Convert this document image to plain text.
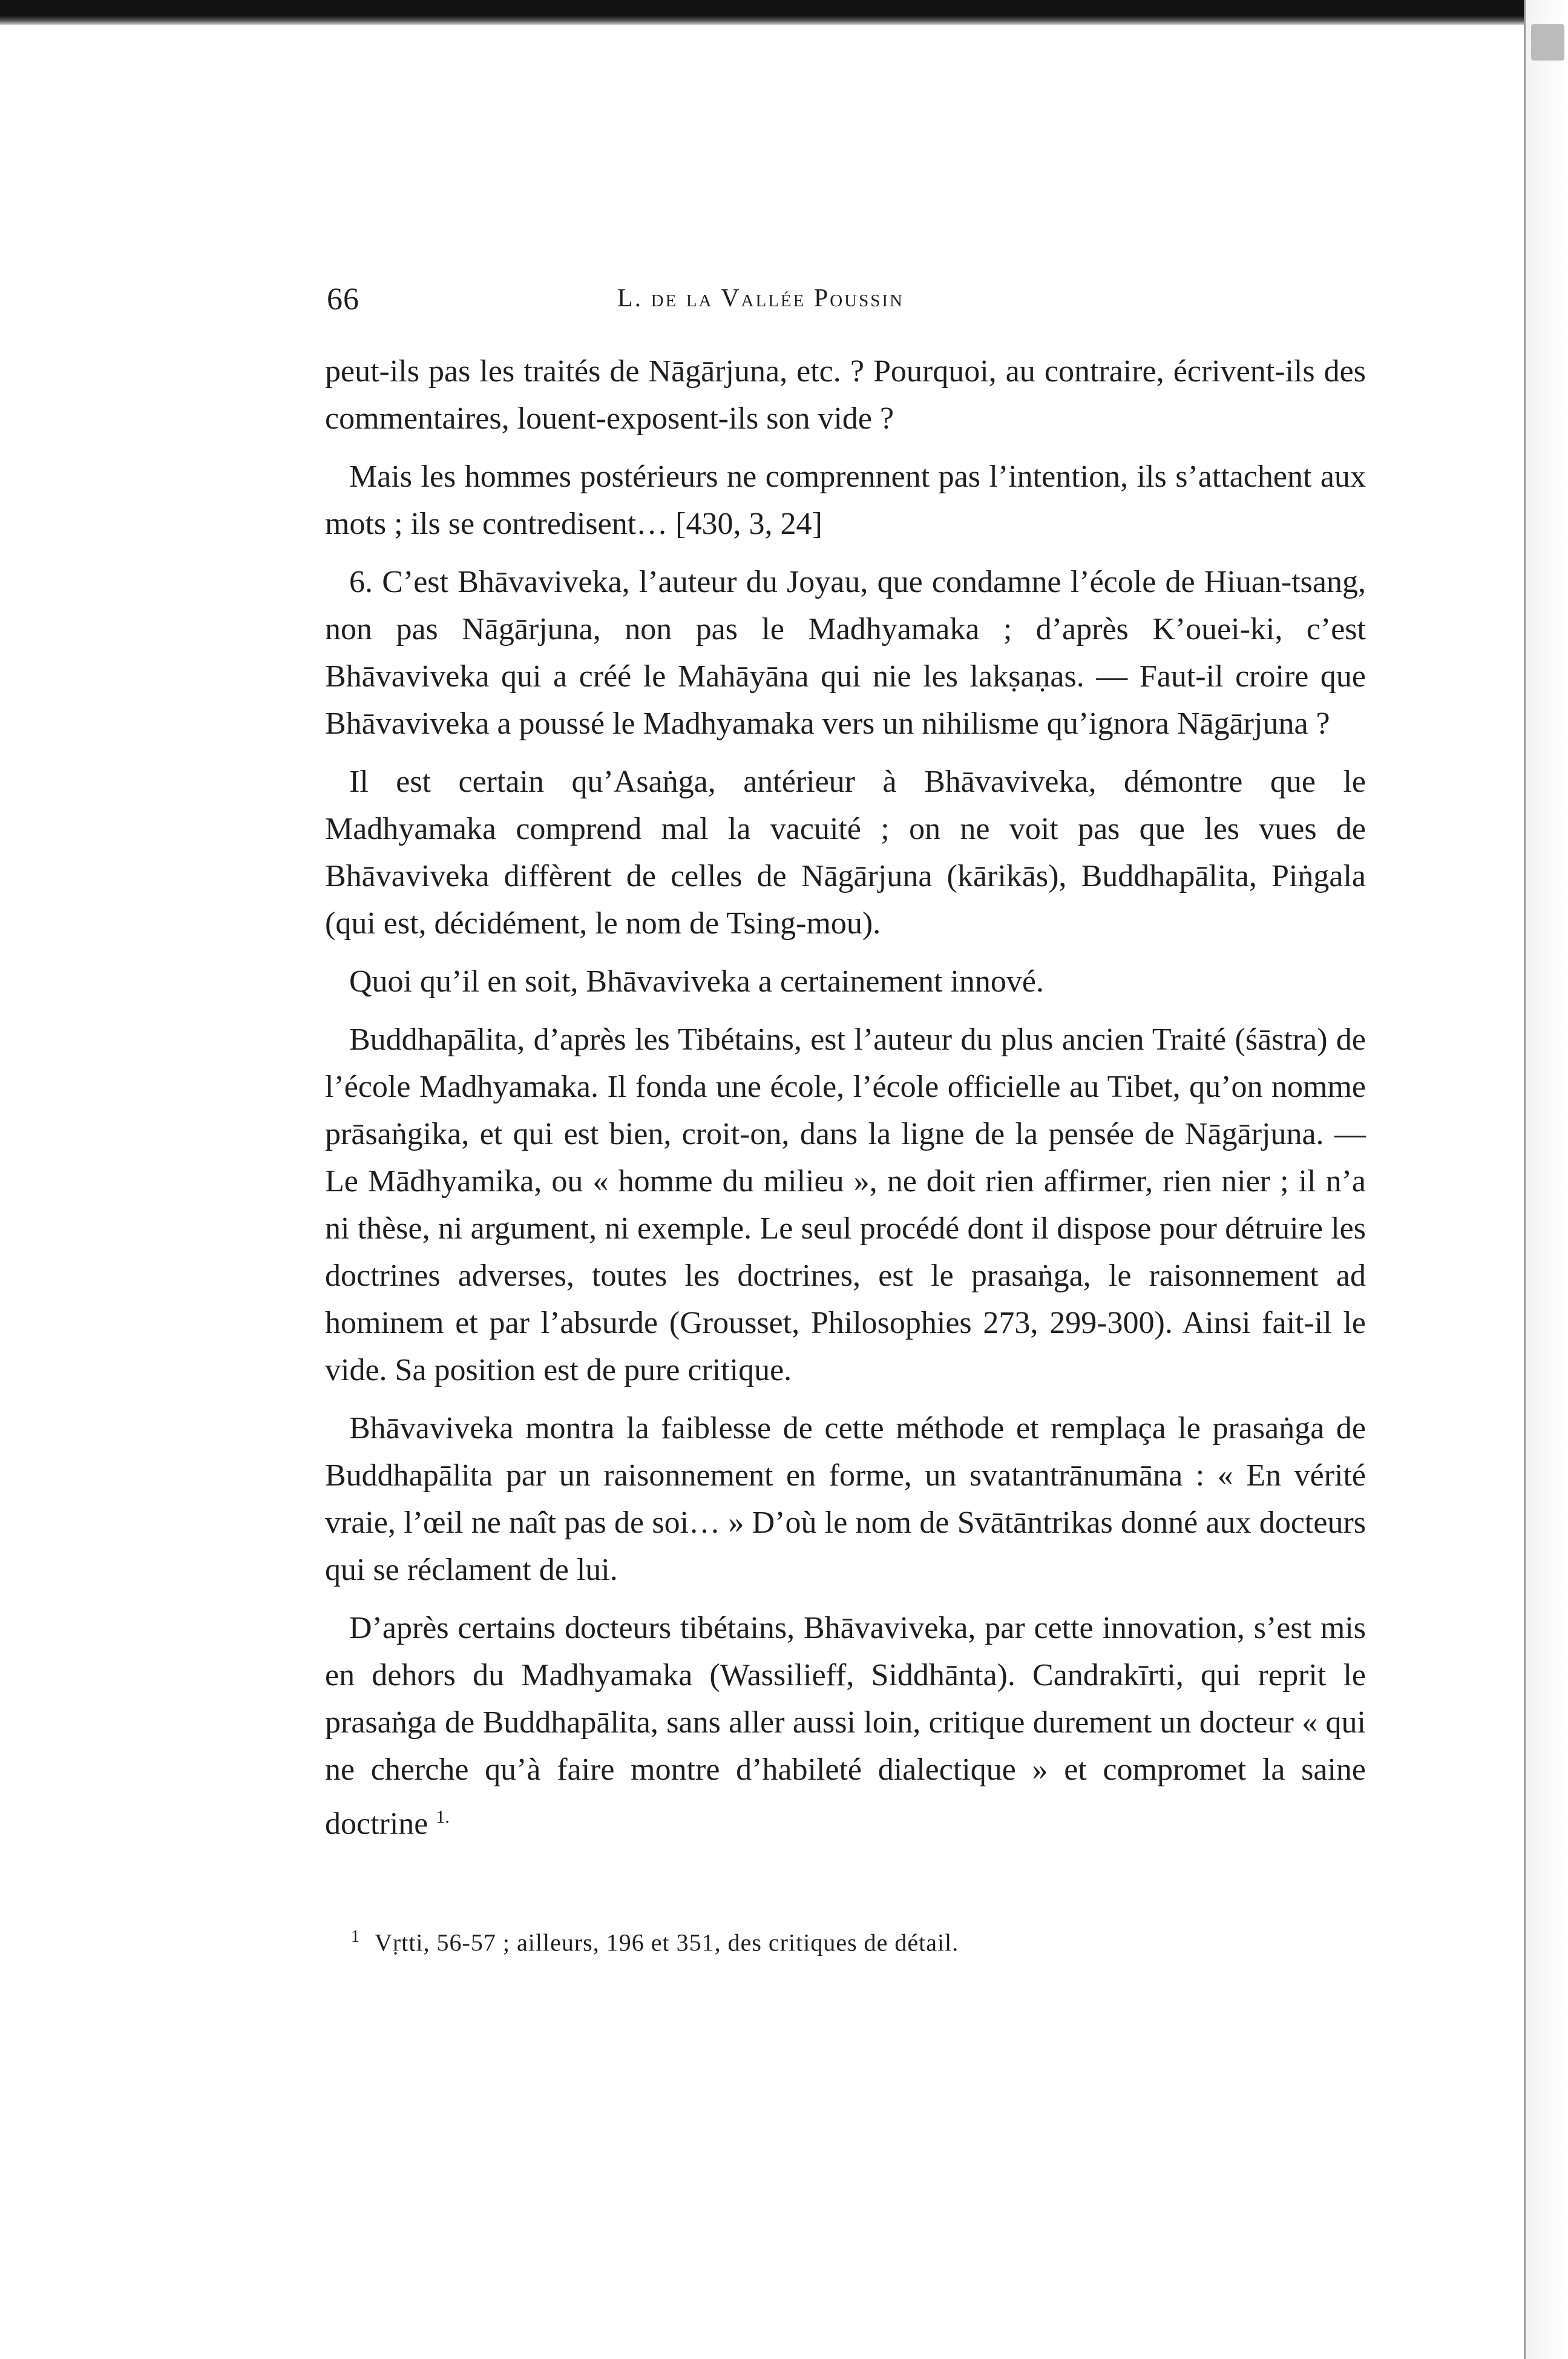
66	L. de la Vallée Poussin

peut-ils pas les traités de Nāgārjuna, etc. ? Pourquoi, au contraire, écrivent-ils des commentaires, louent-exposent-ils son vide ?

Mais les hommes postérieurs ne comprennent pas l’intention, ils s’attachent aux mots ; ils se contredisent… [430, 3, 24]

6. C’est Bhāvaviveka, l’auteur du Joyau, que condamne l’école de Hiuan-tsang, non pas Nāgārjuna, non pas le Madhyamaka ; d’après K’ouei-ki, c’est Bhāvaviveka qui a créé le Mahāyāna qui nie les lakṣaṇas. — Faut-il croire que Bhāvaviveka a poussé le Madhyamaka vers un nihilisme qu’ignora Nāgārjuna ?

Il est certain qu’Asaṅga, antérieur à Bhāvaviveka, démontre que le Madhyamaka comprend mal la vacuité ; on ne voit pas que les vues de Bhāvaviveka diffèrent de celles de Nāgārjuna (kārikās), Buddhapālita, Piṅgala (qui est, décidément, le nom de Tsing-mou).

Quoi qu’il en soit, Bhāvaviveka a certainement innové.

Buddhapālita, d’après les Tibétains, est l’auteur du plus ancien Traité (śāstra) de l’école Madhyamaka. Il fonda une école, l’école officielle au Tibet, qu’on nomme prāsaṅgika, et qui est bien, croit-on, dans la ligne de la pensée de Nāgārjuna. — Le Mādhyamika, ou « homme du milieu », ne doit rien affirmer, rien nier ; il n’a ni thèse, ni argument, ni exemple. Le seul procédé dont il dispose pour détruire les doctrines adverses, toutes les doctrines, est le prasaṅga, le raisonnement ad hominem et par l’absurde (Grousset, Philosophies 273, 299-300). Ainsi fait-il le vide. Sa position est de pure critique.

Bhāvaviveka montra la faiblesse de cette méthode et remplaça le prasaṅga de Buddhapālita par un raisonnement en forme, un svatantrānumāna : « En vérité vraie, l’œil ne naît pas de soi… » D’où le nom de Svātāntrikas donné aux docteurs qui se réclament de lui.

D’après certains docteurs tibétains, Bhāvaviveka, par cette innovation, s’est mis en dehors du Madhyamaka (Wassilieff, Siddhānta). Candrakīrti, qui reprit le prasaṅga de Buddhapālita, sans aller aussi loin, critique durement un docteur « qui ne cherche qu’à faire montre d’habileté dialectique » et compromet la saine doctrine $^{1.}$

$^1$ Vṛtti, 56-57 ; ailleurs, 196 et 351, des critiques de détail.
